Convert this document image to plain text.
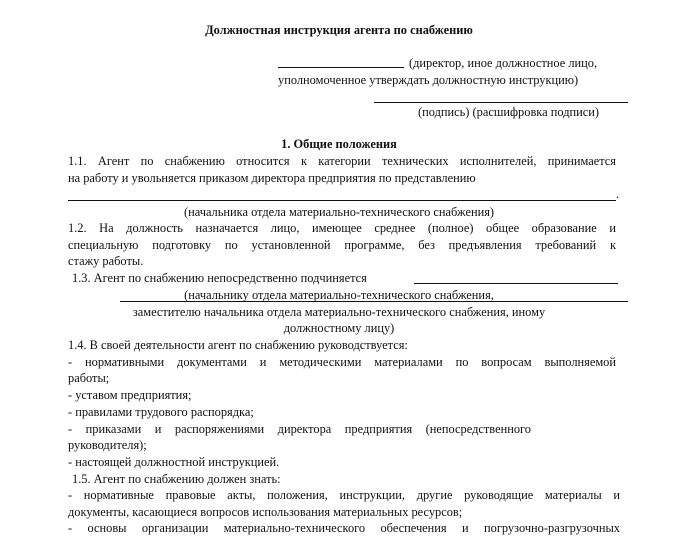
Должностная инструкция агента по снабжению
(директор, иное должностное лицо,
уполномоченное утверждать должностную инструкцию)
(подпись) (расшифровка подписи)
1. Общие положения
1.1. Агент по снабжению относится к категории технических исполнителей, принимается
на работу и увольняется приказом директора предприятия по представлению
.
(начальника отдела материально-технического снабжения)
1.2. На должность назначается лицо, имеющее среднее (полное) общее образование и
специальную подготовку по установленной программе, без предъявления требований к
стажу работы.
1.3. Агент по снабжению непосредственно подчиняется
(начальнику отдела материально-технического снабжения,
заместителю начальника отдела материально-технического снабжения, иному
должностному лицу)
1.4. В своей деятельности агент по снабжению руководствуется:
- нормативными документами и методическими материалами по вопросам выполняемой
работы;
- уставом предприятия;
- правилами трудового распорядка;
- приказами и распоряжениями директора предприятия (непосредственного
руководителя);
- настоящей должностной инструкцией.
1.5. Агент по снабжению должен знать:
- нормативные правовые акты, положения, инструкции, другие руководящие материалы и
документы, касающиеся вопросов использования материальных ресурсов;
- основы организации материально-технического обеспечения и погрузочно-разгрузочных
